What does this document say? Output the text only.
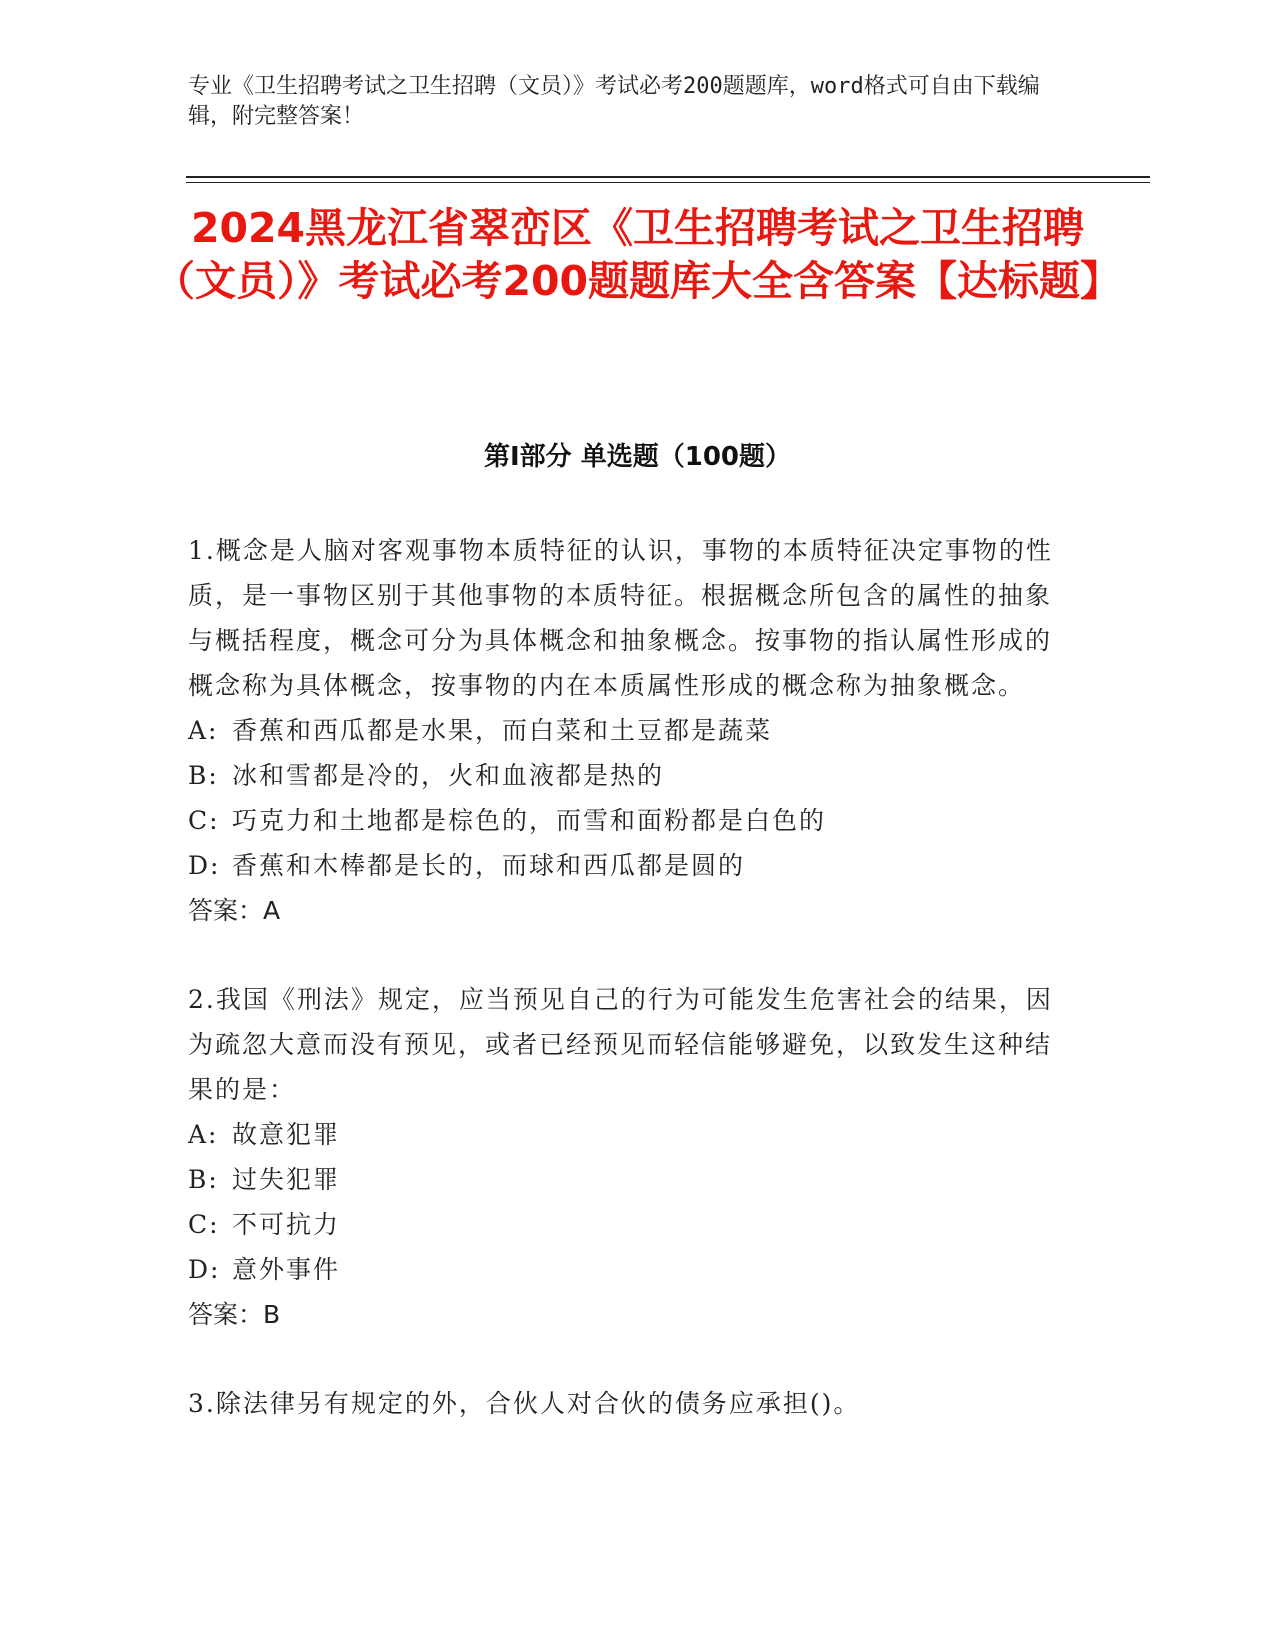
专业《卫生招聘考试之卫生招聘（文员）》考试必考200题题库，word格式可自由下载编辑，附完整答案！
2024黑龙江省翠峦区《卫生招聘考试之卫生招聘（文员）》考试必考200题题库大全含答案【达标题】
第I部分 单选题（100题）
1.概念是人脑对客观事物本质特征的认识，事物的本质特征决定事物的性质，是一事物区别于其他事物的本质特征。根据概念所包含的属性的抽象与概括程度，概念可分为具体概念和抽象概念。按事物的指认属性形成的概念称为具体概念，按事物的内在本质属性形成的概念称为抽象概念。
A: 香蕉和西瓜都是水果，而白菜和土豆都是蔬菜
B: 冰和雪都是冷的，火和血液都是热的
C: 巧克力和土地都是棕色的，而雪和面粉都是白色的
D: 香蕉和木棒都是长的，而球和西瓜都是圆的
答案：A
2.我国《刑法》规定，应当预见自己的行为可能发生危害社会的结果，因为疏忽大意而没有预见，或者已经预见而轻信能够避免，以致发生这种结果的是：
A: 故意犯罪
B: 过失犯罪
C: 不可抗力
D: 意外事件
答案：B
3.除法律另有规定的外，合伙人对合伙的债务应承担()。
